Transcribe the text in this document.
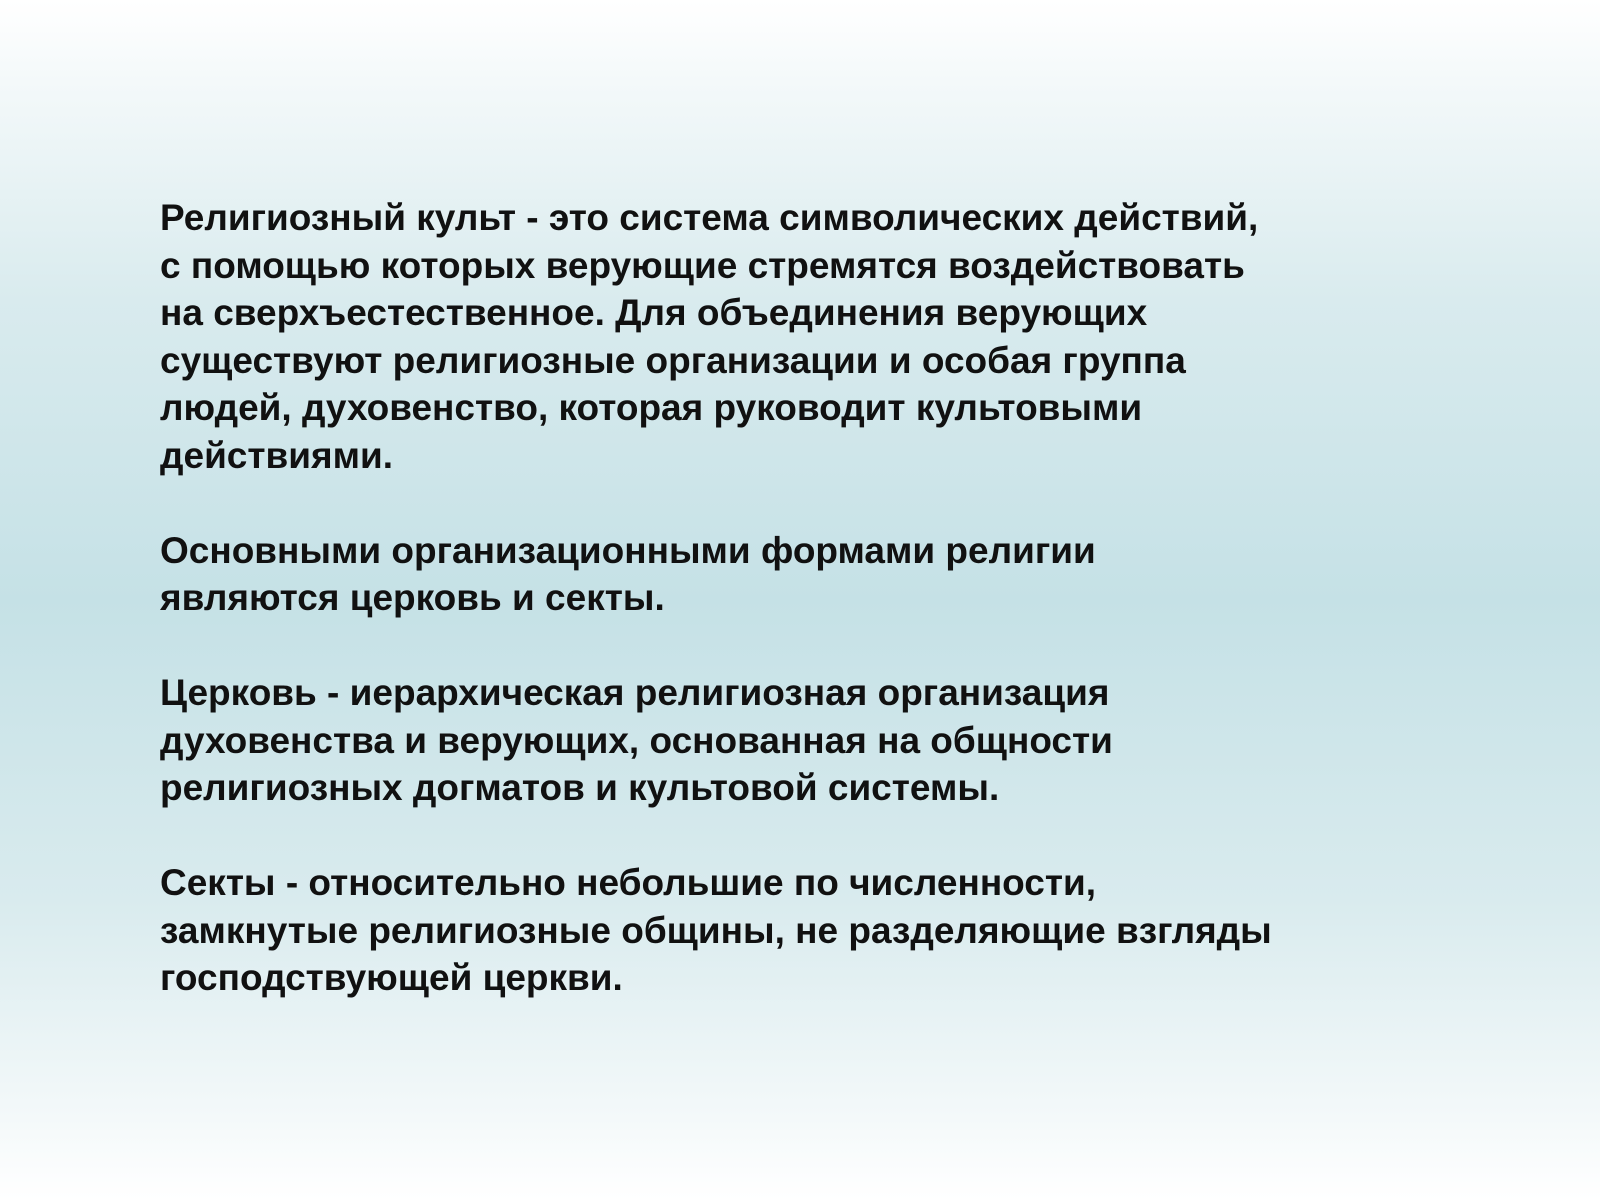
Религиозный культ - это система символических действий,
с помощью которых верующие стремятся воздействовать
на сверхъестественное. Для объединения верующих
существуют религиозные организации и особая группа
людей, духовенство, которая руководит культовыми
действиями.

Основными организационными формами религии
являются церковь и секты.

Церковь - иерархическая религиозная организация
духовенства и верующих, основанная на общности
религиозных догматов и культовой системы.

Секты - относительно небольшие по численности,
замкнутые религиозные общины, не разделяющие взгляды
господствующей церкви.
